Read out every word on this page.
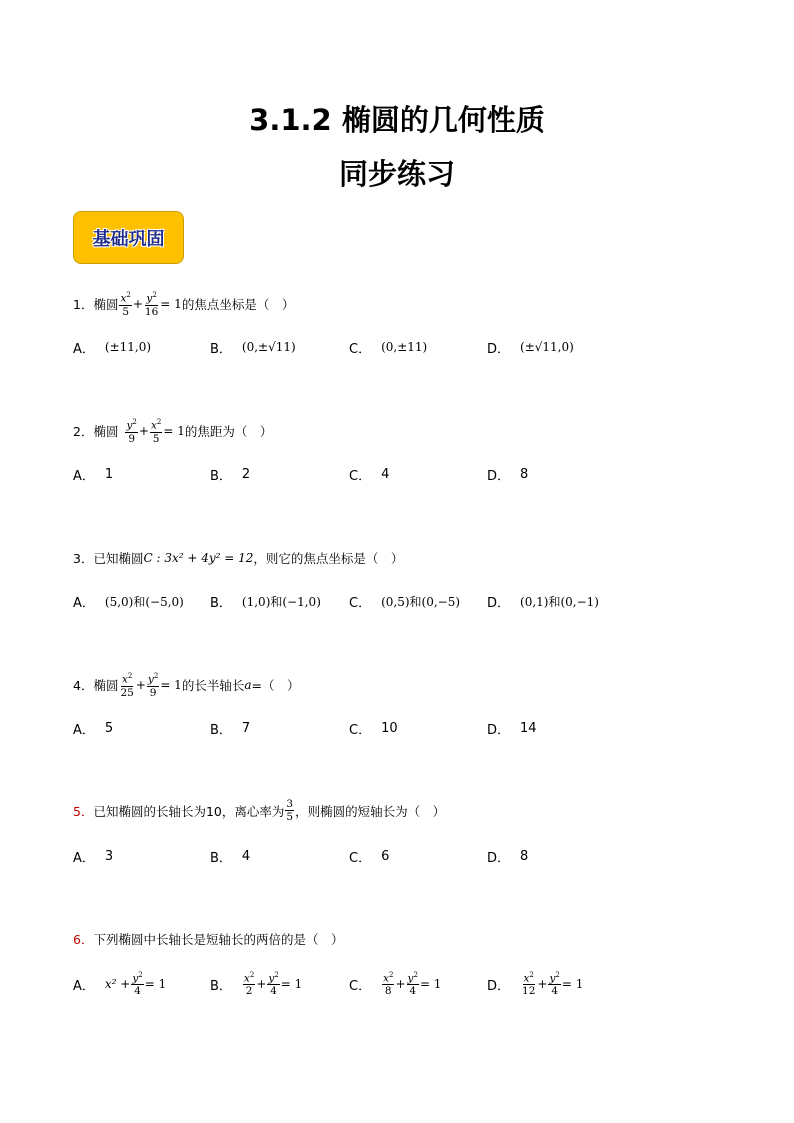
3.1.2 椭圆的几何性质
同步练习
基础巩固
1． 椭圆 $\frac{x^2}{5} + \frac{y^2}{16} = 1$ 的焦点坐标是（　）
A． (±11,0)	B． (0,±√11)	C． (0,±11)	D． (±√11,0)
2． 椭圆 $\frac{y^2}{9} + \frac{x^2}{5} = 1$ 的焦距为（　）
A． 1	B． 2	C． 4	D． 8
3． 已知椭圆 C : 3x² + 4y² = 12 ，则它的焦点坐标是（　）
A． (5,0)和(−5,0) B． (1,0)和(−1,0) C． (0,5)和(0,−5) D． (0,1)和(0,−1)
4． 椭圆 $\frac{x^2}{25} + \frac{y^2}{9} = 1$ 的长半轴长 a =（　）
A． 5	B． 7	C． 10	D． 14
5． 已知椭圆的长轴长为10，离心率为 $\frac{3}{5}$ ，则椭圆的短轴长为（　）
A． 3	B． 4	C． 6	D． 8
6． 下列椭圆中长轴长是短轴长的两倍的是（　）
A． $x^2 + \frac{y^2}{4} = 1$	B． $\frac{x^2}{2} + \frac{y^2}{4} = 1$	C． $\frac{x^2}{8} + \frac{y^2}{4} = 1$	D． $\frac{x^2}{12} + \frac{y^2}{4} = 1$
